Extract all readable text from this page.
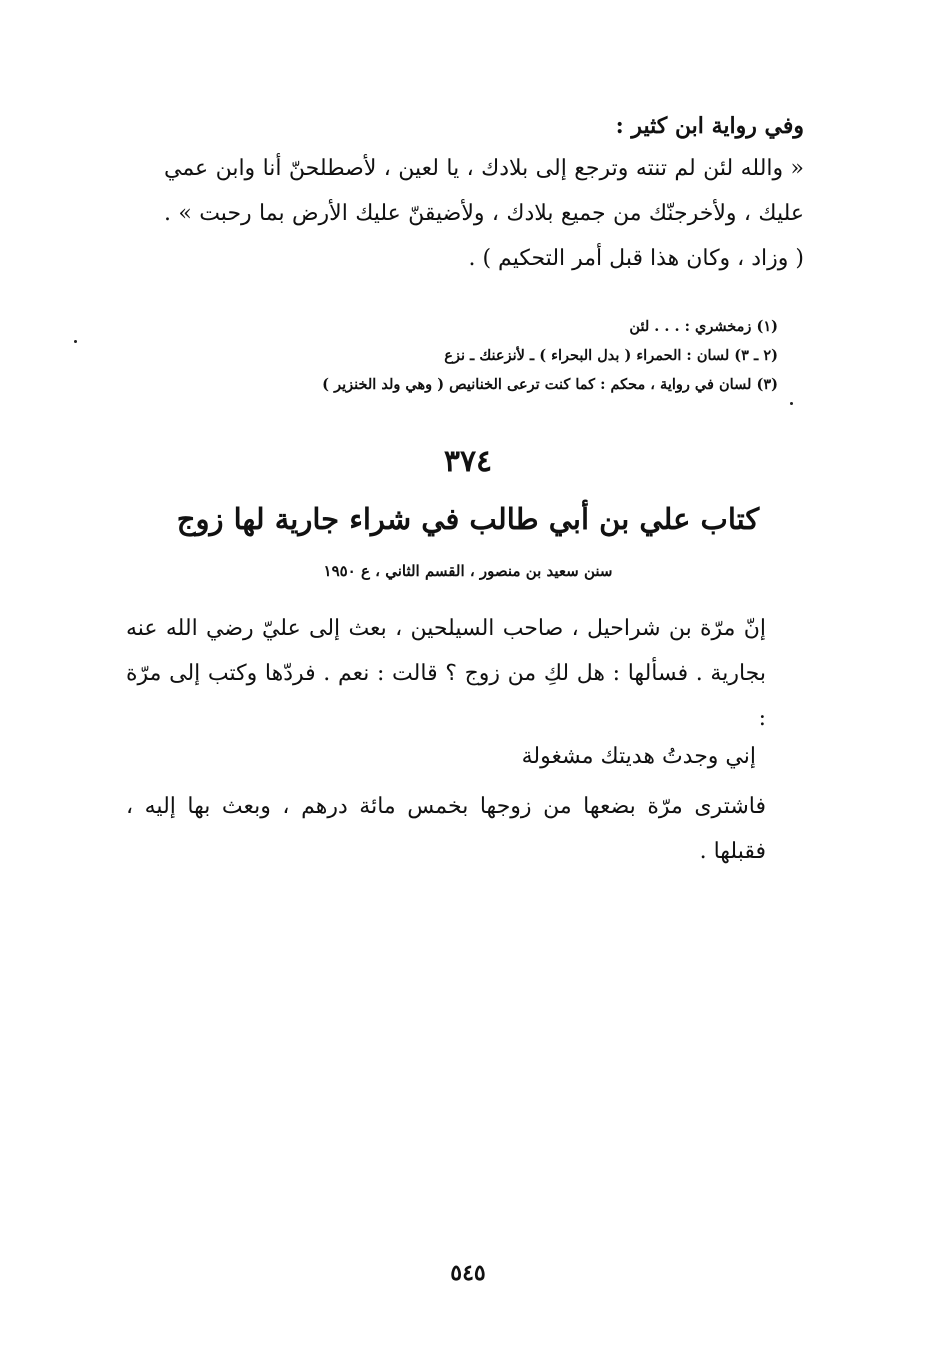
وفي رواية ابن كثير :
« والله لئن لم تنته وترجع إلى بلادك ، يا لعين ، لأصطلحنّ أنا وابن عمي عليك ، ولأخرجنّك من جميع بلادك ، ولأضيقنّ عليك الأرض بما رحبت » . ( وزاد ، وكان هذا قبل أمر التحكيم ) .
(١) زمخشري : . . . لئن
(٢ ـ ٣) لسان : الحمراء ( بدل البحراء ) ـ لأنزعنك ـ نزع
(٣) لسان في رواية ، محكم : كما كنت ترعى الخنانيص ( وهي ولد الخنزير )
٣٧٤
كتاب علي بن أبي طالب في شراء جارية لها زوج
سنن سعيد بن منصور ، القسم الثاني ، ع ١٩٥٠
إنّ مرّة بن شراحيل ، صاحب السيلحين ، بعث إلى عليّ رضي الله عنه بجارية . فسألها : هل لكِ من زوج ؟ قالت : نعم . فردّها وكتب إلى مرّة :
إني وجدتُ هديتك مشغولة
فاشترى مرّة بضعها من زوجها بخمس مائة درهم ، وبعث بها إليه ، فقبلها .
٥٤٥
